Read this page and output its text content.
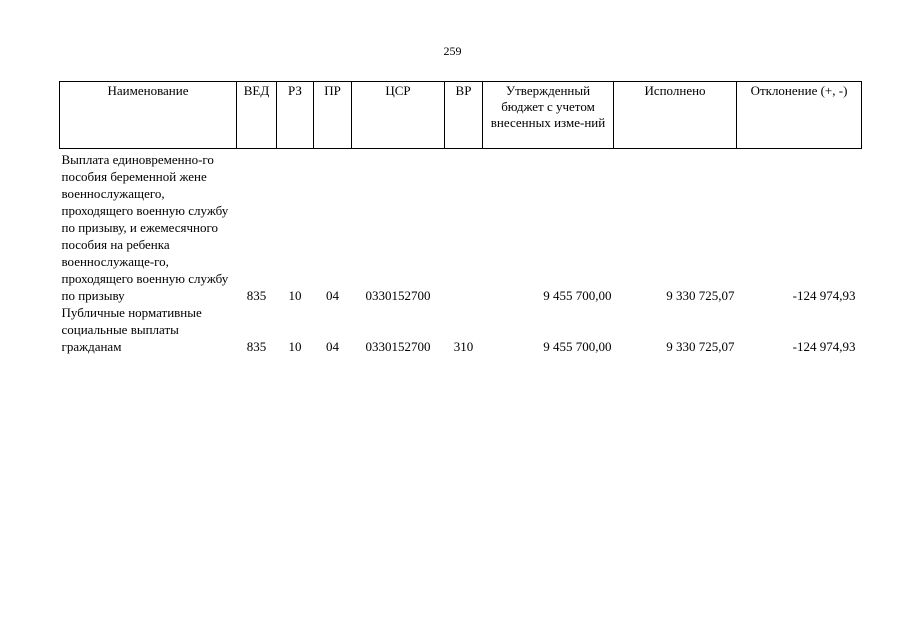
259
Наименование	ВЕД	РЗ	ПР	ЦСР	ВР	Утвержденный бюджет с учетом внесенных изме-ний	Исполнено	Отклонение (+, -)
Выплата единовременно-го пособия беременной жене военнослужащего, проходящего военную службу по призыву, и ежемесячного пособия на ребенка военнослужаще-го, проходящего военную службу по призыву	835	10	04	0330152700		9 455 700,00	9 330 725,07	-124 974,93
Публичные нормативные социальные выплаты гражданам	835	10	04	0330152700	310	9 455 700,00	9 330 725,07	-124 974,93
